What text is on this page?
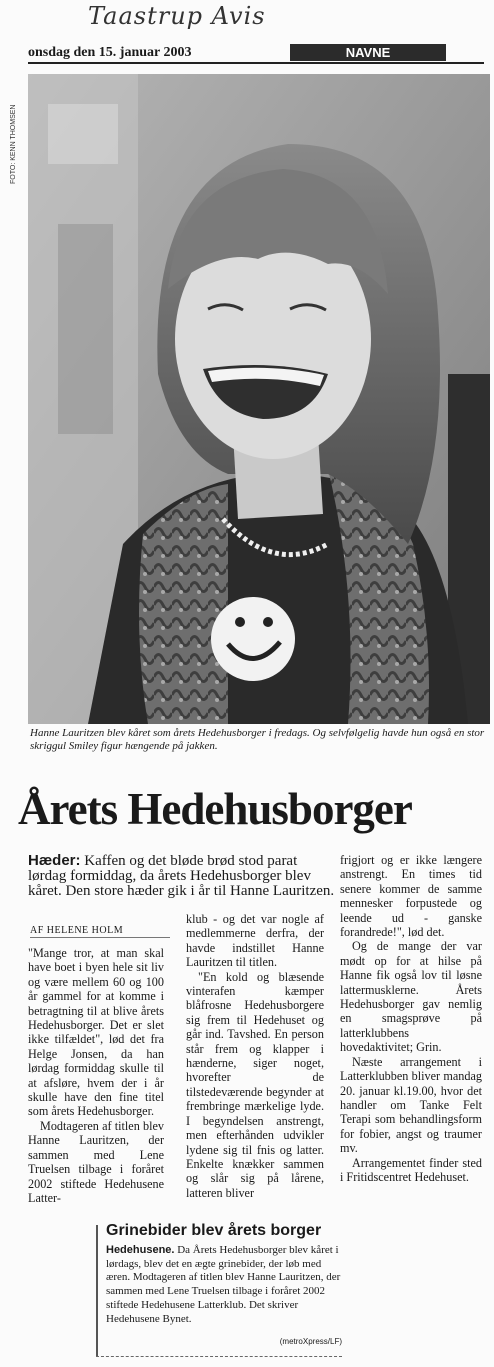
Taastrup Avis
onsdag den 15. januar 2003	NAVNE
FOTO: KENN THOMSEN
Hanne Lauritzen blev kåret som årets Hedehusborger i fredags. Og selvfølgelig havde hun også en stor skriggul Smiley figur hængende på jakken.
Årets Hedehusborger
Hæder: Kaffen og det bløde brød stod parat lørdag formiddag, da årets Hedehusborger blev kåret. Den store hæder gik i år til Hanne Lauritzen.
AF HELENE HOLM

"Mange tror, at man skal have boet i byen hele sit liv og være mellem 60 og 100 år gammel for at komme i betragtning til at blive årets Hedehusborger. Det er slet ikke tilfældet", lød det fra Helge Jonsen, da han lørdag formiddag skulle til at afsløre, hvem der i år skulle have den fine titel som årets Hedehusborger.

Modtageren af titlen blev Hanne Lauritzen, der sammen med Lene Truelsen tilbage i foråret 2002 stiftede Hedehusene Latter-

klub - og det var nogle af medlemmerne derfra, der havde indstillet Hanne Lauritzen til titlen.

"En kold og blæsende vinterafen kæmper blåfrosne Hedehusborgere sig frem til Hedehuset og går ind. Tavshed. En person står frem og klapper i hænderne, siger noget, hvorefter de tilstedeværende begynder at frembringe mærkelige lyde. I begyndelsen anstrengt, men efterhånden udvikler lydene sig til fnis og latter. Enkelte knækker sammen og slår sig på lårene, latteren bliver

frigjort og er ikke længere anstrengt. En times tid senere kommer de samme mennesker forpustede og leende ud - ganske forandrede!", lød det.

Og de mange der var mødt op for at hilse på Hanne fik også lov til løsne lattermusklerne. Årets Hedehusborger gav nemlig en smagsprøve på latterklubbens hovedaktivitet; Grin.

Næste arrangement i Latterklubben bliver mandag 20. januar kl.19.00, hvor det handler om Tanke Felt Terapi som behandlingsform for fobier, angst og traumer mv.

Arrangementet finder sted i Fritidscentret Hedehuset.

Grinebider blev årets borger
Hedehusene. Da Årets Hedehusborger blev kåret i lørdags, blev det en ægte grinebider, der løb med æren. Modtageren af titlen blev Hanne Lauritzen, der sammen med Lene Truelsen tilbage i foråret 2002 stiftede Hedehusene Latterklub. Det skriver Hedehusene Bynet.
(metroXpress/LF)
